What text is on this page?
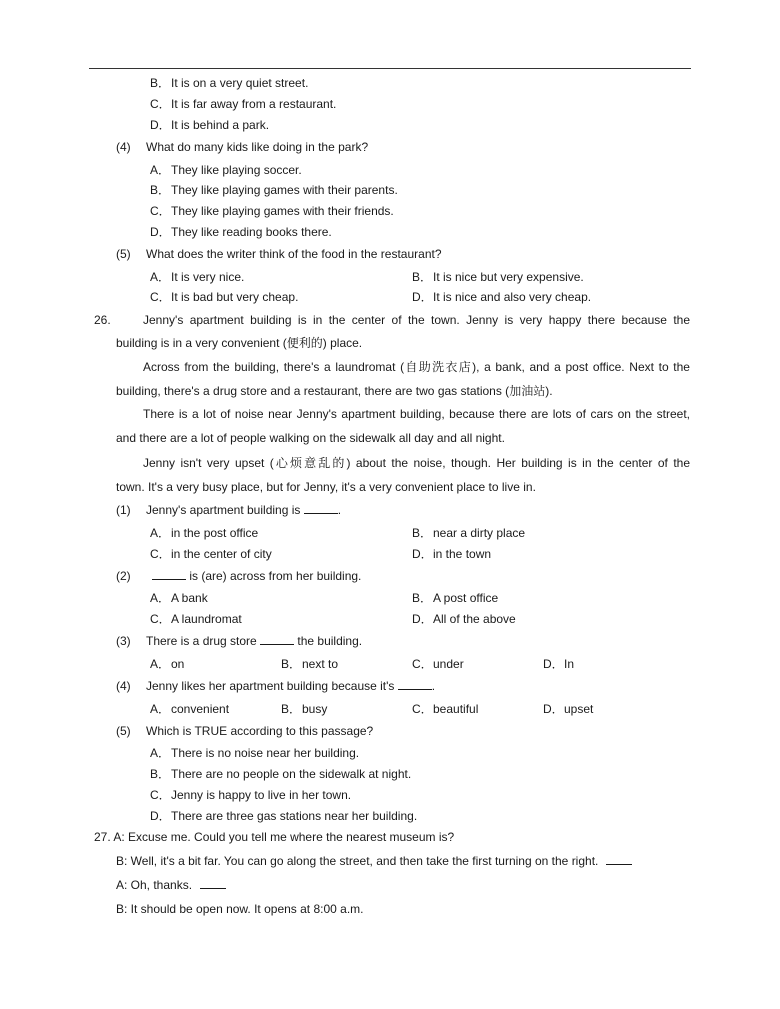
B．It is on a very quiet street.
C．It is far away from a restaurant.
D．It is behind a park.
(4) What do many kids like doing in the park?
A．They like playing soccer.
B．They like playing games with their parents.
C．They like playing games with their friends.
D．They like reading books there.
(5) What does the writer think of the food in the restaurant?
A．It is very nice.	B．It is nice but very expensive.
C．It is bad but very cheap.	D．It is nice and also very cheap.
26.	Jenny's apartment building is in the center of the town. Jenny is very happy there because the
building is in a very convenient (便利的) place.
Across from the building, there's a laundromat (自助洗衣店), a bank, and a post office. Next to the
building, there's a drug store and a restaurant, there are two gas stations (加油站).
There is a lot of noise near Jenny's apartment building, because there are lots of cars on the street,
and there are a lot of people walking on the sidewalk all day and all night.
Jenny isn't very upset (心烦意乱的) about the noise, though. Her building is in the center of the
town. It's a very busy place, but for Jenny, it's a very convenient place to live in.
(1) Jenny's apartment building is	.
A．in the post office	B．near a dirty place
C．in the center of city	D．in the town
(2)	is (are) across from her building.
A．A bank	B．A post office
C．A laundromat	D．All of the above
(3) There is a drug store	the building.
A．on	B．next to	C．under	D．In
(4) Jenny likes her apartment building because it's	.
A．convenient	B．busy	C．beautiful	D．upset
(5) Which is TRUE according to this passage?
A．There is no noise near her building.
B．There are no people on the sidewalk at night.
C．Jenny is happy to live in her town.
D．There are three gas stations near her building.
27. A: Excuse me. Could you tell me where the nearest museum is?
B: Well, it's a bit far. You can go along the street, and then take the first turning on the right.
A: Oh, thanks.
B: It should be open now. It opens at 8:00 a.m.
